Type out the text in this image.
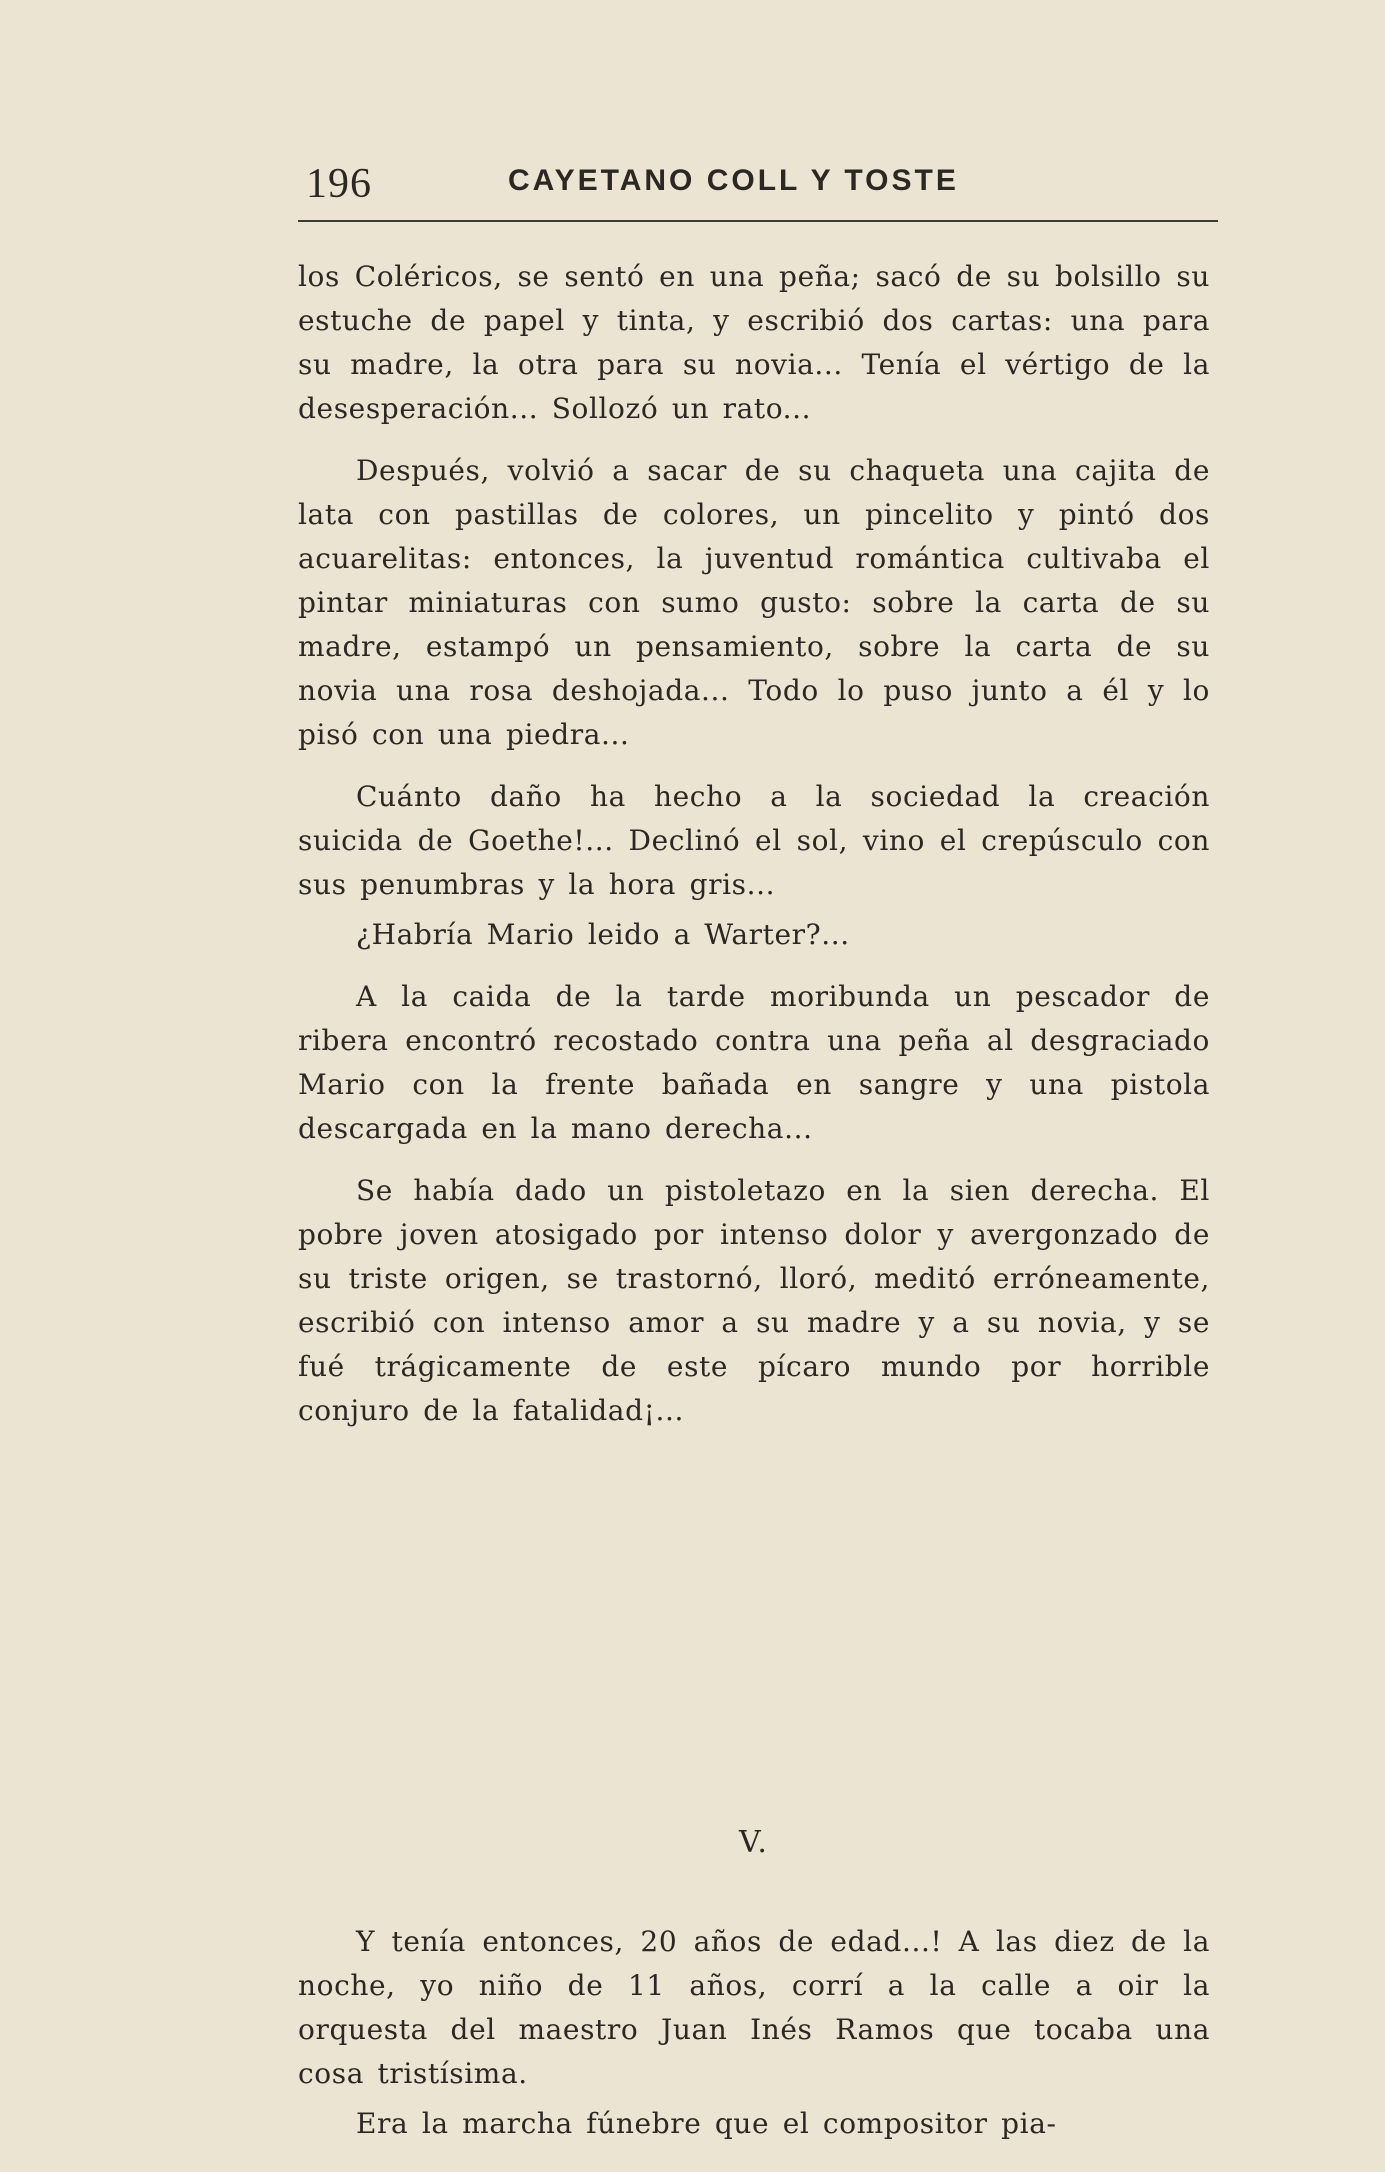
196	CAYETANO COLL Y TOSTE

los Coléricos, se sentó en una peña; sacó de su bolsillo su estuche de papel y tinta, y escribió dos cartas: una para su madre, la otra para su novia... Tenía el vértigo de la desesperación... Sollozó un rato...

Después, volvió a sacar de su chaqueta una cajita de lata con pastillas de colores, un pincelito y pintó dos acuarelitas: entonces, la juventud romántica cultivaba el pintar miniaturas con sumo gusto: sobre la carta de su madre, estampó un pensamiento, sobre la carta de su novia una rosa deshojada... Todo lo puso junto a él y lo pisó con una piedra...

Cuánto daño ha hecho a la sociedad la creación suicida de Goethe!... Declinó el sol, vino el crepúsculo con sus penumbras y la hora gris...

¿Habría Mario leido a Warter?...

A la caida de la tarde moribunda un pescador de ribera encontró recostado contra una peña al desgraciado Mario con la frente bañada en sangre y una pistola descargada en la mano derecha...

Se había dado un pistoletazo en la sien derecha. El pobre joven atosigado por intenso dolor y avergonzado de su triste origen, se trastornó, lloró, meditó erróneamente, escribió con intenso amor a su madre y a su novia, y se fué trágicamente de este pícaro mundo por horrible conjuro de la fatalidad¡...

V.

Y tenía entonces, 20 años de edad...! A las diez de la noche, yo niño de 11 años, corrí a la calle a oir la orquesta del maestro Juan Inés Ramos que tocaba una cosa tristísima.

Era la marcha fúnebre que el compositor pia-
